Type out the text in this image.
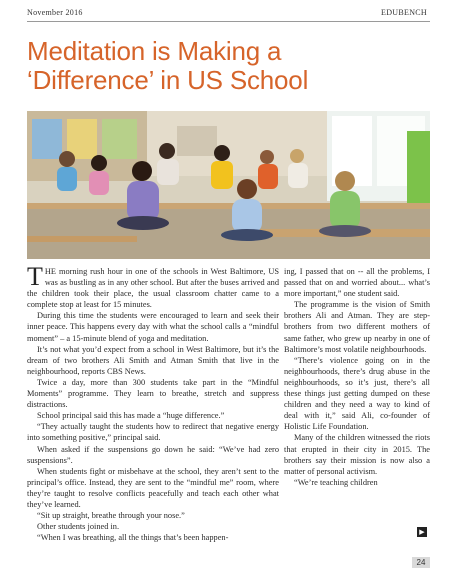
November 2016	EDUBENCH
Meditation is Making a
‘Difference’ in US School

THE morning rush hour in one of the schools in West Baltimore, US was as bustling as in any other school. But after the buses arrived and the children took their place, the usual classroom chatter came to a complete stop at least for 15 minutes.

During this time the students were encouraged to learn and seek their inner peace. This happens every day with what the school calls a “mindful moment” – a 15-minute blend of yoga and meditation.

It’s not what you’d expect from a school in West Baltimore, but it’s the dream of two brothers Ali Smith and Atman Smith that live in the neighbourhood, reports CBS News.

Twice a day, more than 300 students take part in the “Mindful Moments” programme. They learn to breathe, stretch and suppress distractions.

School principal said this has made a “huge difference.”

“They actually taught the students how to redirect that negative energy into something positive,” principal said.

When asked if the suspensions go down he said: “We’ve had zero suspensions”.

When students fight or misbehave at the school, they aren’t sent to the principal’s office. Instead, they are sent to the “mindful me” room, where they’re taught to resolve conflicts peacefully and teach each other what they’ve learned.

“Sit up straight, breathe through your nose.”

Other students joined in.

“When I was breathing, all the things that’s been happen-

ing, I passed that on -- all the problems, I passed that on and worried about... what’s more important,” one student said.

The programme is the vision of Smith brothers Ali and Atman. They are step-brothers from two different mothers of same father, who grew up nearby in one of Baltimore’s most volatile neighbourhoods.

“There’s violence going on in the neighbourhoods, there’s drug abuse in the neighbourhoods, so it’s just, there’s all these things just getting dumped on these children and they need a way to kind of deal with it,” said Ali, co-founder of Holistic Life Foundation.

Many of the children witnessed the riots that erupted in their city in 2015. The brothers say their mission is now also a matter of personal activism.

“We’re teaching children

▶
24
